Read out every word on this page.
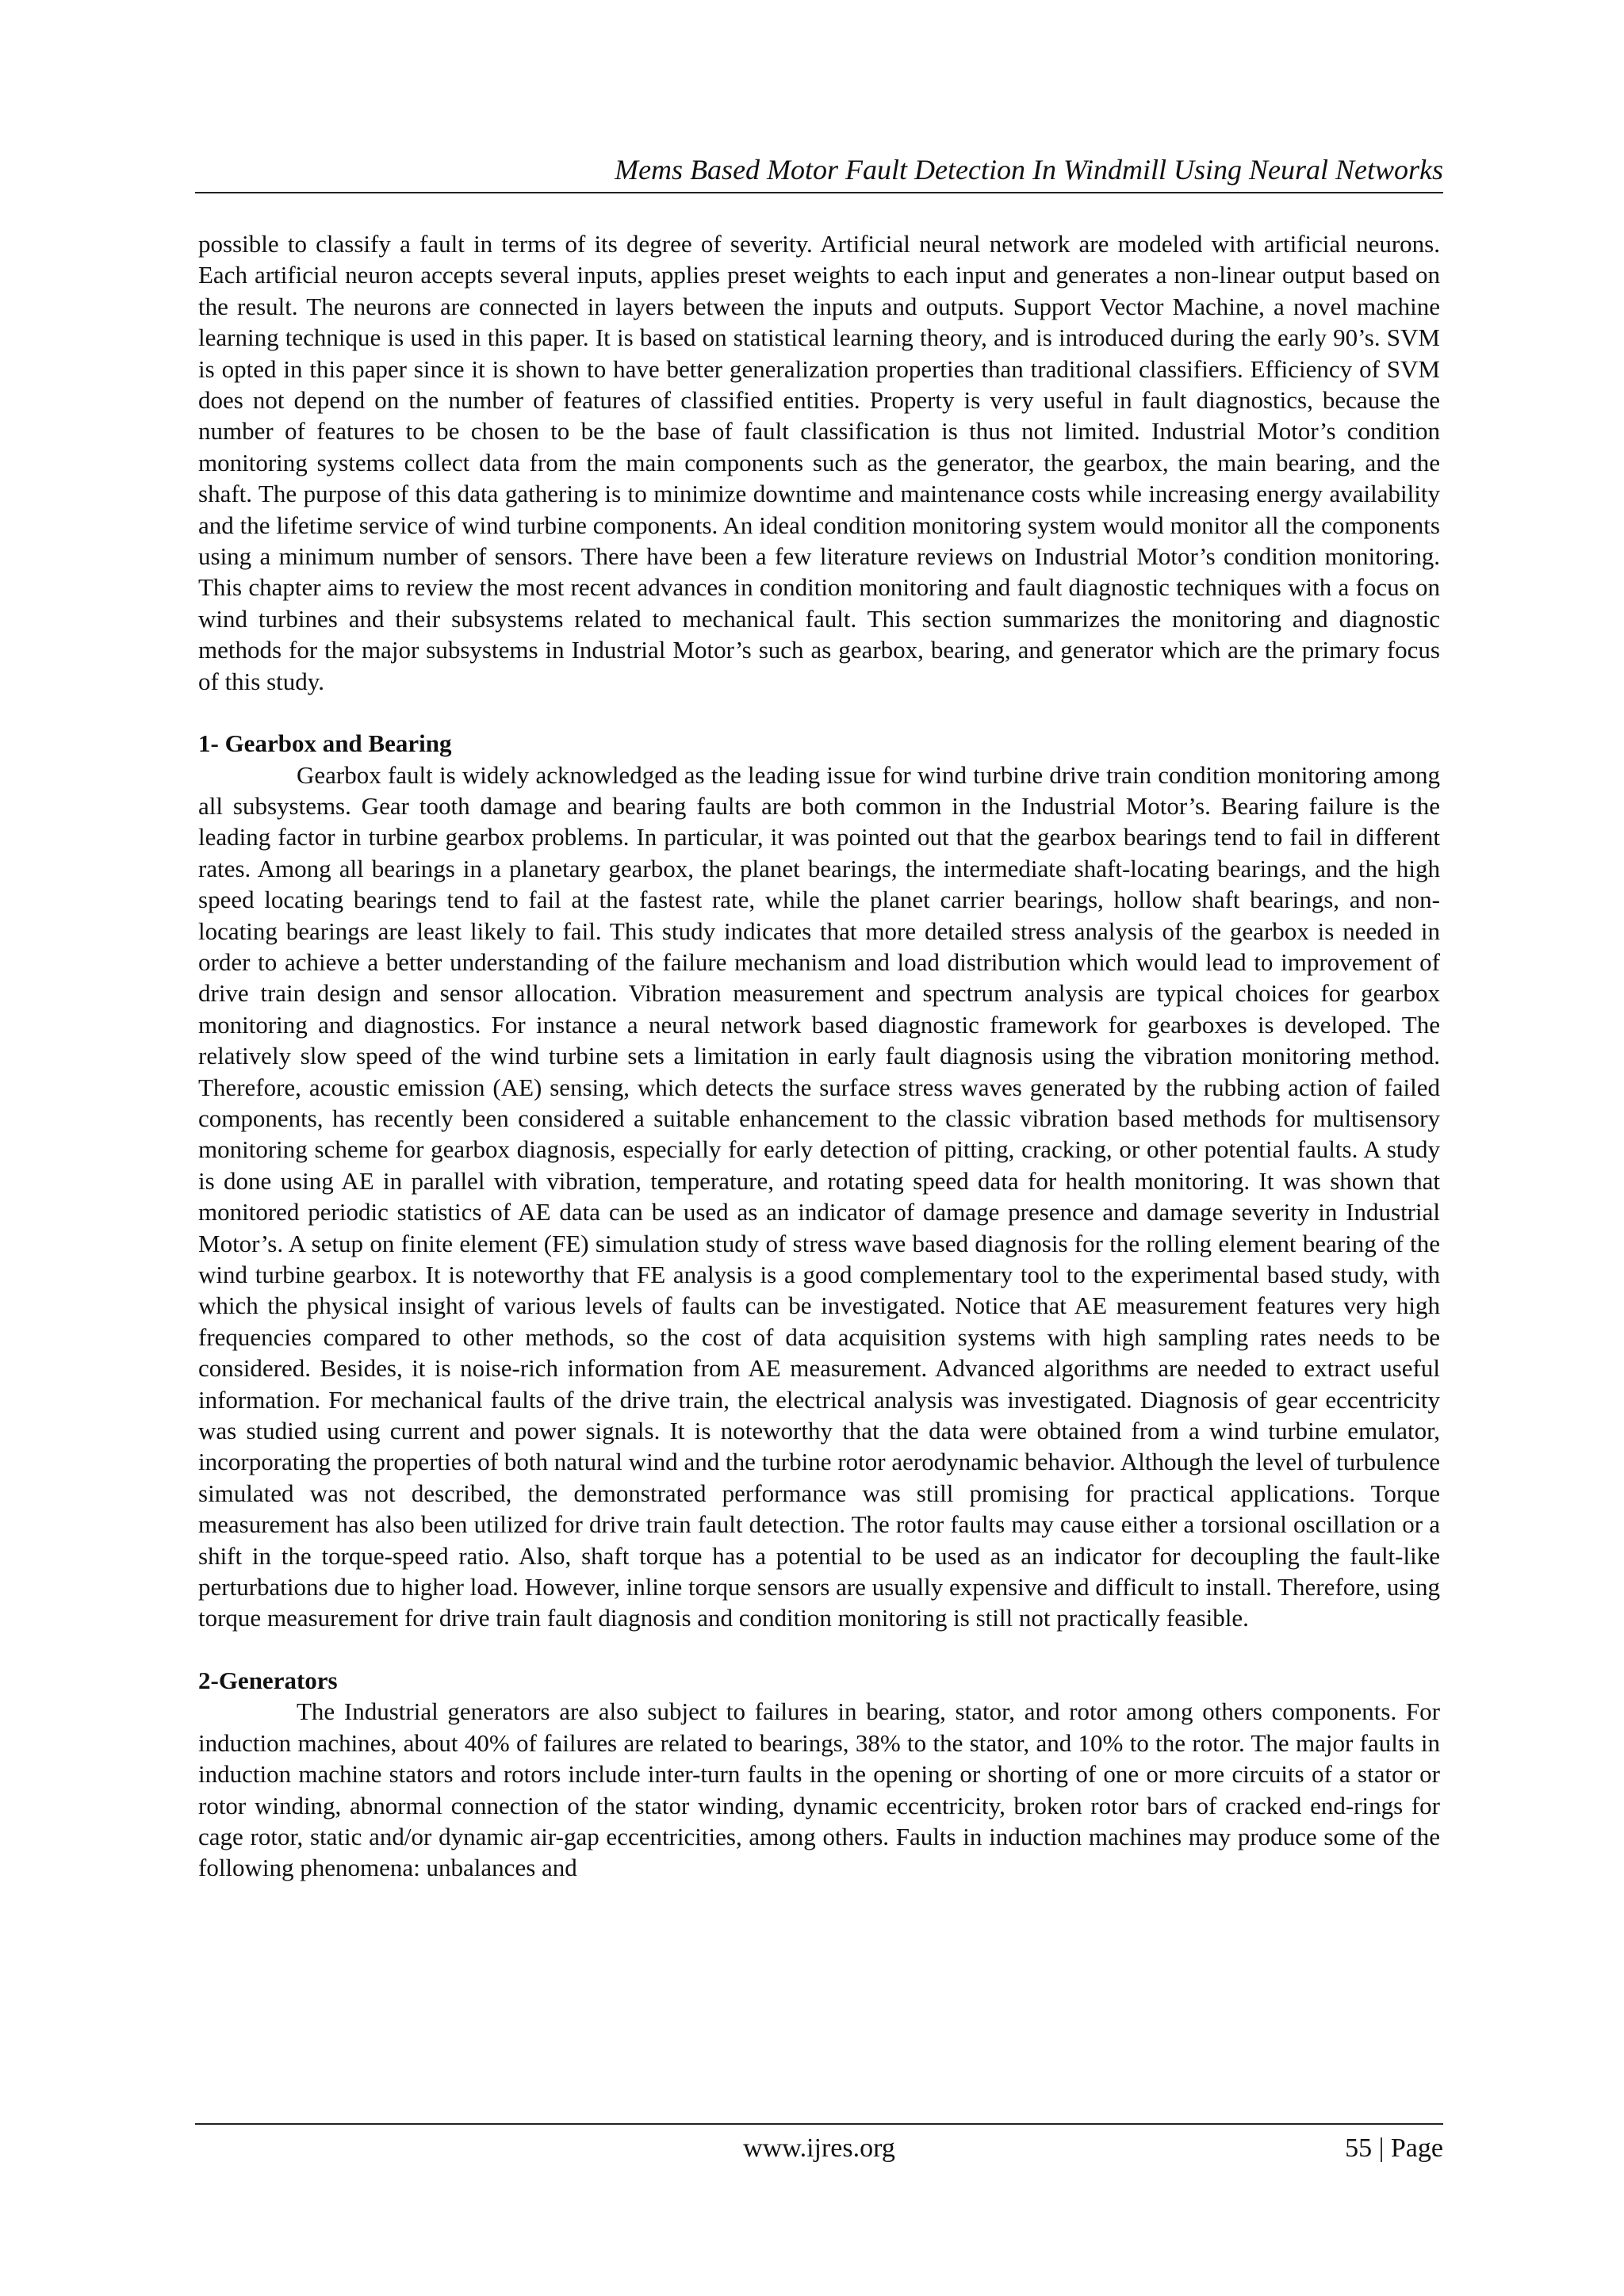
Mems Based Motor Fault Detection In Windmill Using Neural Networks

possible to classify a fault in terms of its degree of severity. Artificial neural network are modeled with artificial neurons. Each artificial neuron accepts several inputs, applies preset weights to each input and generates a non-linear output based on the result. The neurons are connected in layers between the inputs and outputs. Support Vector Machine, a novel machine learning technique is used in this paper. It is based on statistical learning theory, and is introduced during the early 90’s. SVM is opted in this paper since it is shown to have better generalization properties than traditional classifiers. Efficiency of SVM does not depend on the number of features of classified entities. Property is very useful in fault diagnostics, because the number of features to be chosen to be the base of fault classification is thus not limited. Industrial Motor’s condition monitoring systems collect data from the main components such as the generator, the gearbox, the main bearing, and the shaft. The purpose of this data gathering is to minimize downtime and maintenance costs while increasing energy availability and the lifetime service of wind turbine components. An ideal condition monitoring system would monitor all the components using a minimum number of sensors. There have been a few literature reviews on Industrial Motor’s condition monitoring. This chapter aims to review the most recent advances in condition monitoring and fault diagnostic techniques with a focus on wind turbines and their subsystems related to mechanical fault. This section summarizes the monitoring and diagnostic methods for the major subsystems in Industrial Motor’s such as gearbox, bearing, and generator which are the primary focus of this study.

1- Gearbox and Bearing

Gearbox fault is widely acknowledged as the leading issue for wind turbine drive train condition monitoring among all subsystems. Gear tooth damage and bearing faults are both common in the Industrial Motor’s. Bearing failure is the leading factor in turbine gearbox problems. In particular, it was pointed out that the gearbox bearings tend to fail in different rates. Among all bearings in a planetary gearbox, the planet bearings, the intermediate shaft-locating bearings, and the high speed locating bearings tend to fail at the fastest rate, while the planet carrier bearings, hollow shaft bearings, and non-locating bearings are least likely to fail. This study indicates that more detailed stress analysis of the gearbox is needed in order to achieve a better understanding of the failure mechanism and load distribution which would lead to improvement of drive train design and sensor allocation. Vibration measurement and spectrum analysis are typical choices for gearbox monitoring and diagnostics. For instance a neural network based diagnostic framework for gearboxes is developed. The relatively slow speed of the wind turbine sets a limitation in early fault diagnosis using the vibration monitoring method. Therefore, acoustic emission (AE) sensing, which detects the surface stress waves generated by the rubbing action of failed components, has recently been considered a suitable enhancement to the classic vibration based methods for multisensory monitoring scheme for gearbox diagnosis, especially for early detection of pitting, cracking, or other potential faults. A study is done using AE in parallel with vibration, temperature, and rotating speed data for health monitoring. It was shown that monitored periodic statistics of AE data can be used as an indicator of damage presence and damage severity in Industrial Motor’s. A setup on finite element (FE) simulation study of stress wave based diagnosis for the rolling element bearing of the wind turbine gearbox. It is noteworthy that FE analysis is a good complementary tool to the experimental based study, with which the physical insight of various levels of faults can be investigated. Notice that AE measurement features very high frequencies compared to other methods, so the cost of data acquisition systems with high sampling rates needs to be considered. Besides, it is noise-rich information from AE measurement. Advanced algorithms are needed to extract useful information. For mechanical faults of the drive train, the electrical analysis was investigated. Diagnosis of gear eccentricity was studied using current and power signals. It is noteworthy that the data were obtained from a wind turbine emulator, incorporating the properties of both natural wind and the turbine rotor aerodynamic behavior. Although the level of turbulence simulated was not described, the demonstrated performance was still promising for practical applications. Torque measurement has also been utilized for drive train fault detection. The rotor faults may cause either a torsional oscillation or a shift in the torque-speed ratio. Also, shaft torque has a potential to be used as an indicator for decoupling the fault-like perturbations due to higher load. However, inline torque sensors are usually expensive and difficult to install. Therefore, using torque measurement for drive train fault diagnosis and condition monitoring is still not practically feasible.

2-Generators

The Industrial generators are also subject to failures in bearing, stator, and rotor among others components. For induction machines, about 40% of failures are related to bearings, 38% to the stator, and 10% to the rotor. The major faults in induction machine stators and rotors include inter-turn faults in the opening or shorting of one or more circuits of a stator or rotor winding, abnormal connection of the stator winding, dynamic eccentricity, broken rotor bars of cracked end-rings for cage rotor, static and/or dynamic air-gap eccentricities, among others. Faults in induction machines may produce some of the following phenomena: unbalances and

www.ijres.org	55 | Page
